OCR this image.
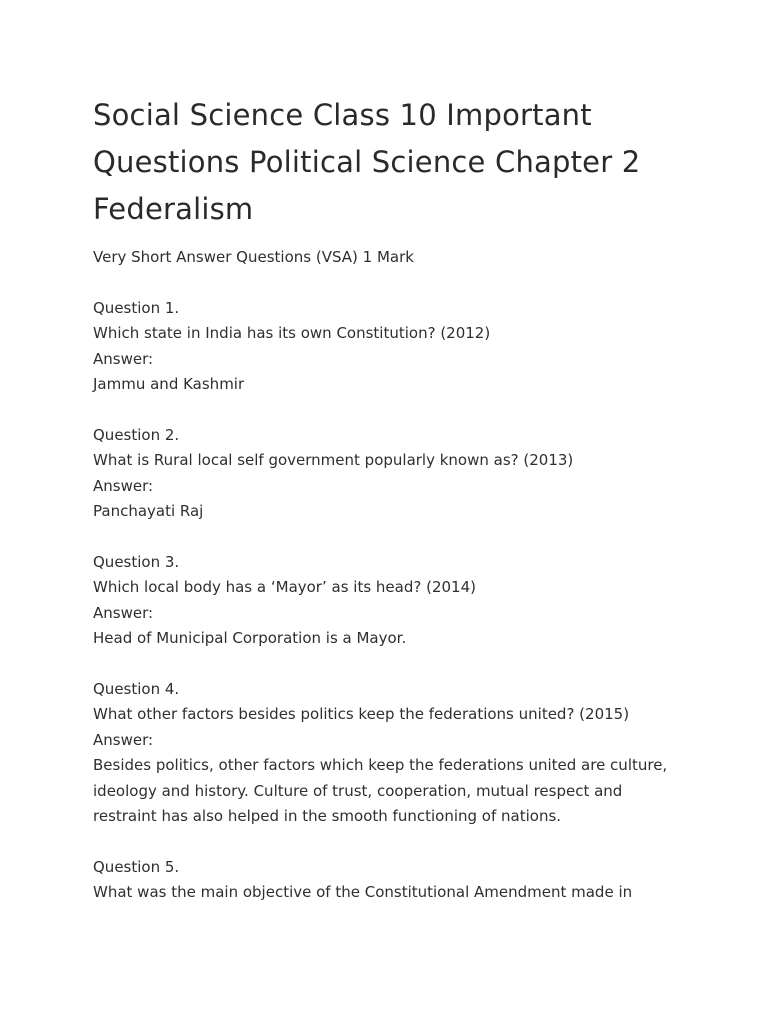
Social Science Class 10 Important Questions Political Science Chapter 2 Federalism
Very Short Answer Questions (VSA) 1 Mark
Question 1.
Which state in India has its own Constitution? (2012)
Answer:
Jammu and Kashmir
Question 2.
What is Rural local self government popularly known as? (2013)
Answer:
Panchayati Raj
Question 3.
Which local body has a ‘Mayor’ as its head? (2014)
Answer:
Head of Municipal Corporation is a Mayor.
Question 4.
What other factors besides politics keep the federations united? (2015)
Answer:
Besides politics, other factors which keep the federations united are culture, ideology and history. Culture of trust, cooperation, mutual respect and restraint has also helped in the smooth functioning of nations.
Question 5.
What was the main objective of the Constitutional Amendment made in
